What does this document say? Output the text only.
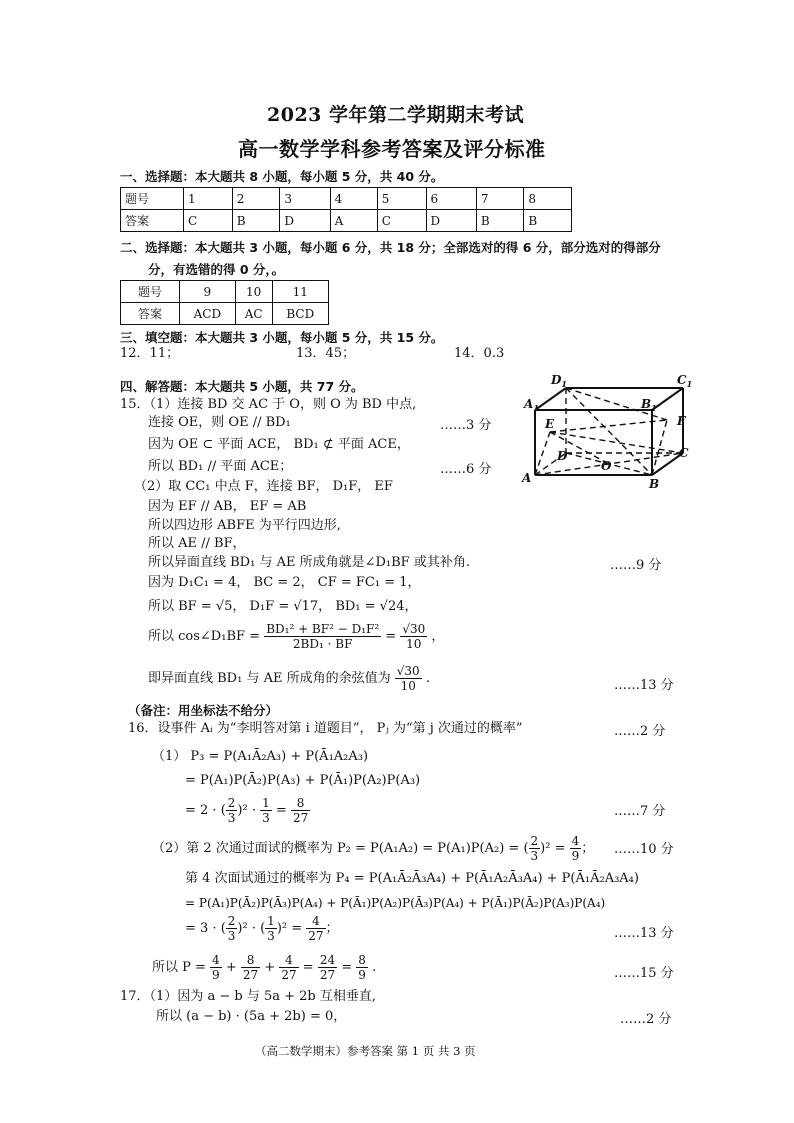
2023 学年第二学期期末考试
高一数学学科参考答案及评分标准
一、选择题：本大题共 8 小题，每小题 5 分，共 40 分。
题号	1	2	3	4	5	6	7	8
答案	C	B	D	A	C	D	B	B
二、选择题：本大题共 3 小题，每小题 6 分，共 18 分；全部选对的得 6 分，部分选对的得部分
分，有选错的得 0 分，。
题号	9	10	11
答案	ACD	AC	BCD
三、填空题：本大题共 3 小题，每小题 5 分，共 15 分。
12．11；	13．45；	14．0.3
四、解答题：本大题共 5 小题，共 77 分。	$D_1$	$C_1$
$A_1$	$B_1$
E	F
D
O
C
A	B
15．（1）连接 BD 交 AC 于 O，则 O 为 BD 中点,
连接 OE，则 OE // BD₁	……3 分
因为 OE ⊂ 平面 ACE， BD₁ ⊄ 平面 ACE，
所以 BD₁ // 平面 ACE；	……6 分
（2）取 CC₁ 中点 F，连接 BF， D₁F， EF
因为 EF // AB， EF = AB
所以四边形 ABFE 为平行四边形,
所以 AE // BF，
所以异面直线 BD₁ 与 AE 所成角就是∠D₁BF 或其补角.	……9 分
因为 D₁C₁ = 4， BC = 2， CF = FC₁ = 1，
所以 BF = √5， D₁F = √17， BD₁ = √24，
所以 cos∠D₁BF = $\frac{\text{BD₁² + BF² − D₁F²}}{\text{2BD₁ · BF}} = \frac{√30}{10}$ ，
即异面直线 BD₁ 与 AE 所成角的余弦值为 $\frac{√30}{10}$ .	……13 分
（备注：用坐标法不给分）
16．设事件 Aᵢ 为“李明答对第 i 道题目”， Pⱼ 为“第 j 次通过的概率”	……2 分
（1） P₃ = P(A₁Ā₂A₃) + P(Ā₁A₂A₃)
= P(A₁)P(Ā₂)P(A₃) + P(Ā₁)P(A₂)P(A₃)
= 2 · ( $\frac{2}{3} )^2 \cdot \frac{1}{3} = \frac{8}{27}$	……7 分
（2）第 2 次通过面试的概率为 P₂ = P(A₁A₂) = P(A₁)P(A₂) = ( $\frac{2}{3} )^2 = \frac{4}{9}$ ； ……10 分
第 4 次面试通过的概率为 P₄ = P(A₁Ā₂Ā₃A₄) + P(Ā₁A₂Ā₃A₄) + P(Ā₁Ā₂A₃A₄)
= P(A₁)P(Ā₂)P(Ā₃)P(A₄) + P(Ā₁)P(A₂)P(Ā₃)P(A₄) + P(Ā₁)P(Ā₂)P(A₃)P(A₄)
= 3 · ( $\frac{2}{3} )^2$ · ( $\frac{1}{3} )^2 = \frac{4}{27}$ ；	……13 分
所以 $P = \frac{4}{9} + \frac{8}{27} + \frac{4}{27} = \frac{24}{27} = \frac{8}{9}$ .	……15 分
17．（1）因为 a − b 与 5a + 2b 互相垂直,
所以 (a − b) · (5a + 2b) = 0，	……2 分
（高二数学期末）参考答案 第 1 页 共 3 页
